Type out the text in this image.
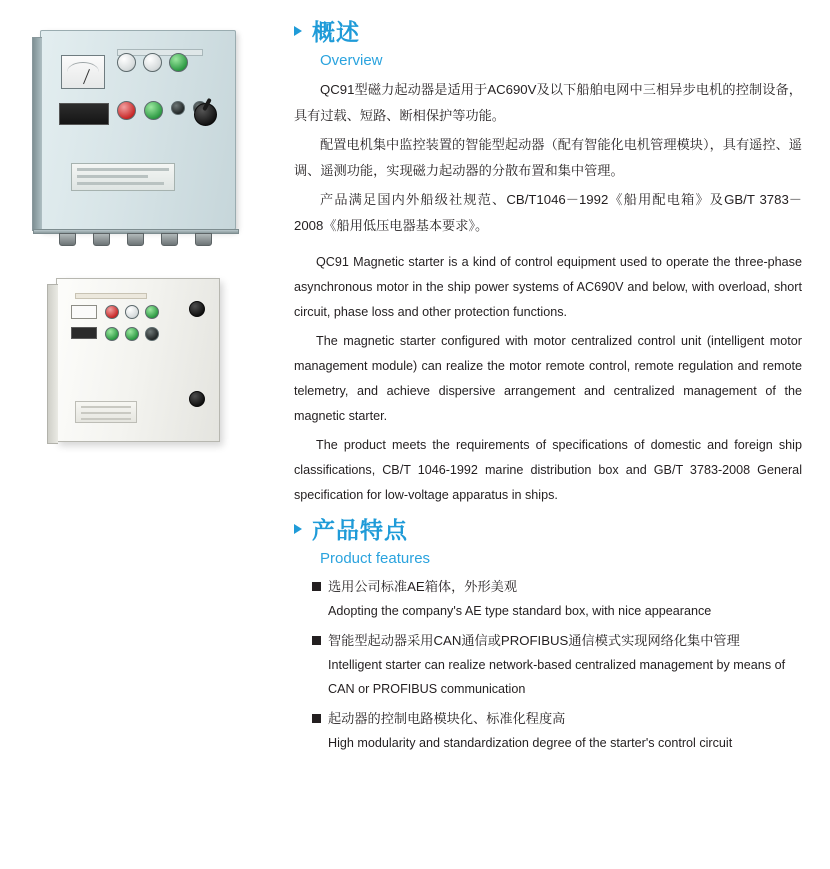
概述
Overview

QC91型磁力起动器是适用于AC690V及以下船舶电网中三相异步电机的控制设备，具有过载、短路、断相保护等功能。

配置电机集中监控装置的智能型起动器（配有智能化电机管理模块），具有遥控、遥调、遥测功能，实现磁力起动器的分散布置和集中管理。

产品满足国内外船级社规范、CB/T1046－1992《船用配电箱》及GB/T 3783－2008《船用低压电器基本要求》。

QC91 Magnetic starter is a kind of control equipment used to operate the three-phase asynchronous motor in the ship power systems of AC690V and below, with overload, short circuit, phase loss and other protection functions.

The magnetic starter configured with motor centralized control unit (intelligent motor management module) can realize the motor remote control, remote regulation and remote telemetry, and achieve dispersive arrangement and centralized management of the magnetic starter.

The product meets the requirements of specifications of domestic and foreign ship classifications, CB/T 1046-1992 marine distribution box and GB/T 3783-2008 General specification for low-voltage apparatus in ships.

产品特点
Product features
选用公司标准AE箱体，外形美观
Adopting the company's AE type standard box, with nice appearance
智能型起动器采用CAN通信或PROFIBUS通信模式实现网络化集中管理
Intelligent starter can realize network-based centralized management by means of CAN or PROFIBUS communication
起动器的控制电路模块化、标准化程度高
High modularity and standardization degree of the starter's control circuit
